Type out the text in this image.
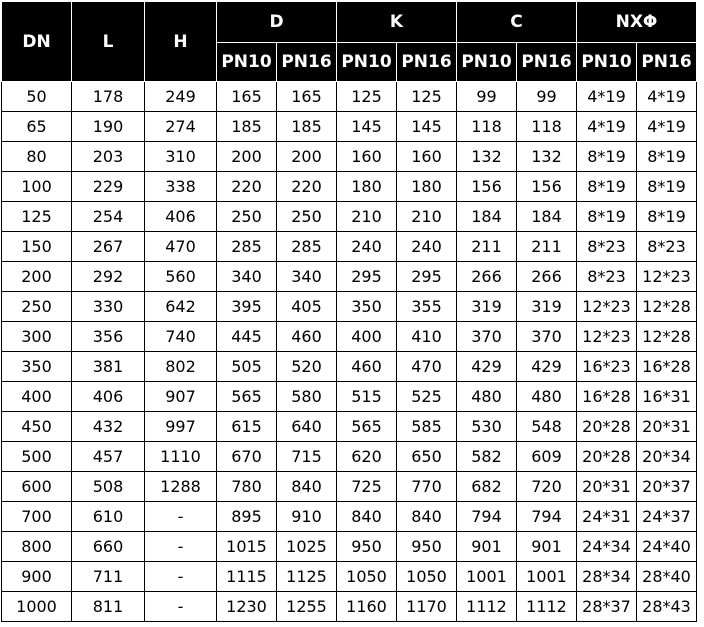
DN	L	H	D		K		C		NXΦ	
			PN10	PN16	PN10	PN16	PN10	PN16	PN10	PN16
50	178	249	165	165	125	125	99	99	4*19	4*19
65	190	274	185	185	145	145	118	118	4*19	4*19
80	203	310	200	200	160	160	132	132	8*19	8*19
100	229	338	220	220	180	180	156	156	8*19	8*19
125	254	406	250	250	210	210	184	184	8*19	8*19
150	267	470	285	285	240	240	211	211	8*23	8*23
200	292	560	340	340	295	295	266	266	8*23	12*23
250	330	642	395	405	350	355	319	319	12*23	12*28
300	356	740	445	460	400	410	370	370	12*23	12*28
350	381	802	505	520	460	470	429	429	16*23	16*28
400	406	907	565	580	515	525	480	480	16*28	16*31
450	432	997	615	640	565	585	530	548	20*28	20*31
500	457	1110	670	715	620	650	582	609	20*28	20*34
600	508	1288	780	840	725	770	682	720	20*31	20*37
700	610	-	895	910	840	840	794	794	24*31	24*37
800	660	-	1015	1025	950	950	901	901	24*34	24*40
900	711	-	1115	1125	1050	1050	1001	1001	28*34	28*40
1000	811	-	1230	1255	1160	1170	1112	1112	28*37	28*43
